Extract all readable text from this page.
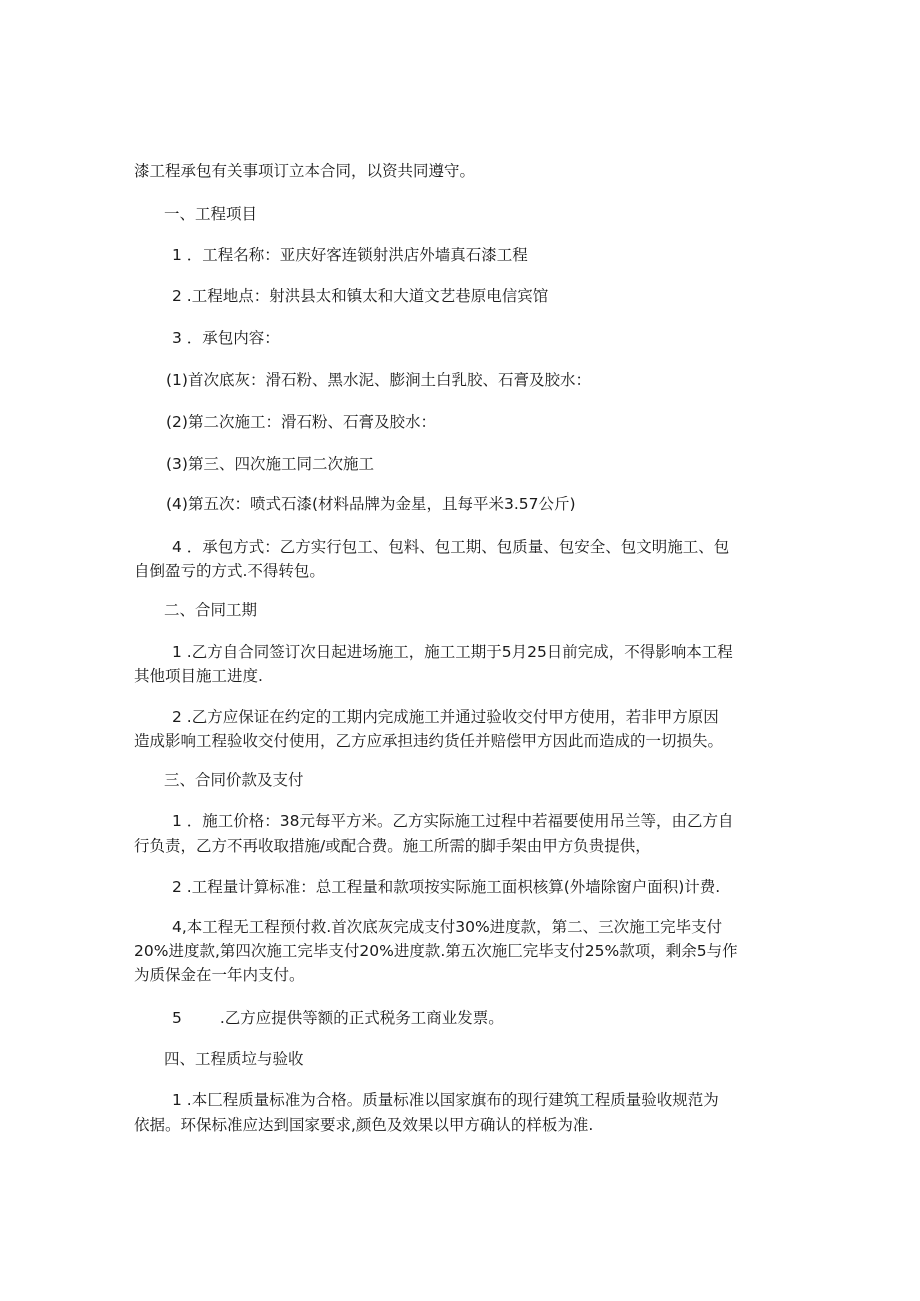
漆工程承包有关事项订立本合同，以资共同遵守。

一、工程项目

1 ．工程名称：亚庆好客连锁射洪店外墙真石漆工程

2 .工程地点：射洪县太和镇太和大道文艺巷原电信宾馆

3 ．承包内容：

(1)首次底灰：滑石粉、黑水泥、膨涧土白乳胶、石膏及胶水：

(2)第二次施工：滑石粉、石膏及胶水：

(3)第三、四次施工同二次施工

(4)第五次：喷式石漆(材料品牌为金星，且每平米3.57公斤)

4 ．承包方式：乙方实行包工、包料、包工期、包质量、包安全、包文明施工、包

自倒盈亏的方式.不得转包。

二、合同工期

1 .乙方自合同签订次日起进场施工，施工工期于5月25日前完成，不得影响本工程

其他项目施工进度.

2 .乙方应保证在约定的工期内完成施工并通过验收交付甲方使用，若非甲方原因

造成影响工程验收交付使用，乙方应承担违约货任并赔偿甲方因此而造成的一切损失。

三、合同价款及支付

1 ．施工价格：38元每平方米。乙方实际施工过程中若福要使用吊兰等，由乙方自

行负责，乙方不再收取措施/或配合费。施工所需的脚手架由甲方负贵提供，

2 .工程量计算标准：总工程量和款项按实际施工面枳核算(外墙除窗户面积)计费.

4,本工程无工程预付救.首次底灰完成支付30%进度款，第二、三次施工完毕支付

20%进度款,第四次施工完毕支付20%进度款.第五次施匚完毕支付25%款项，剩余5与作

为质保金在一年内支付。

5 .乙方应提供等额的正式税务工商业发票。

四、工程质垃与验收

1 .本匚程质量标准为合格。质量标准以国家旗布的现行建筑工程质量验收规范为

依据。环保标准应达到国家要求,颜色及效果以甲方确认的样板为准.
